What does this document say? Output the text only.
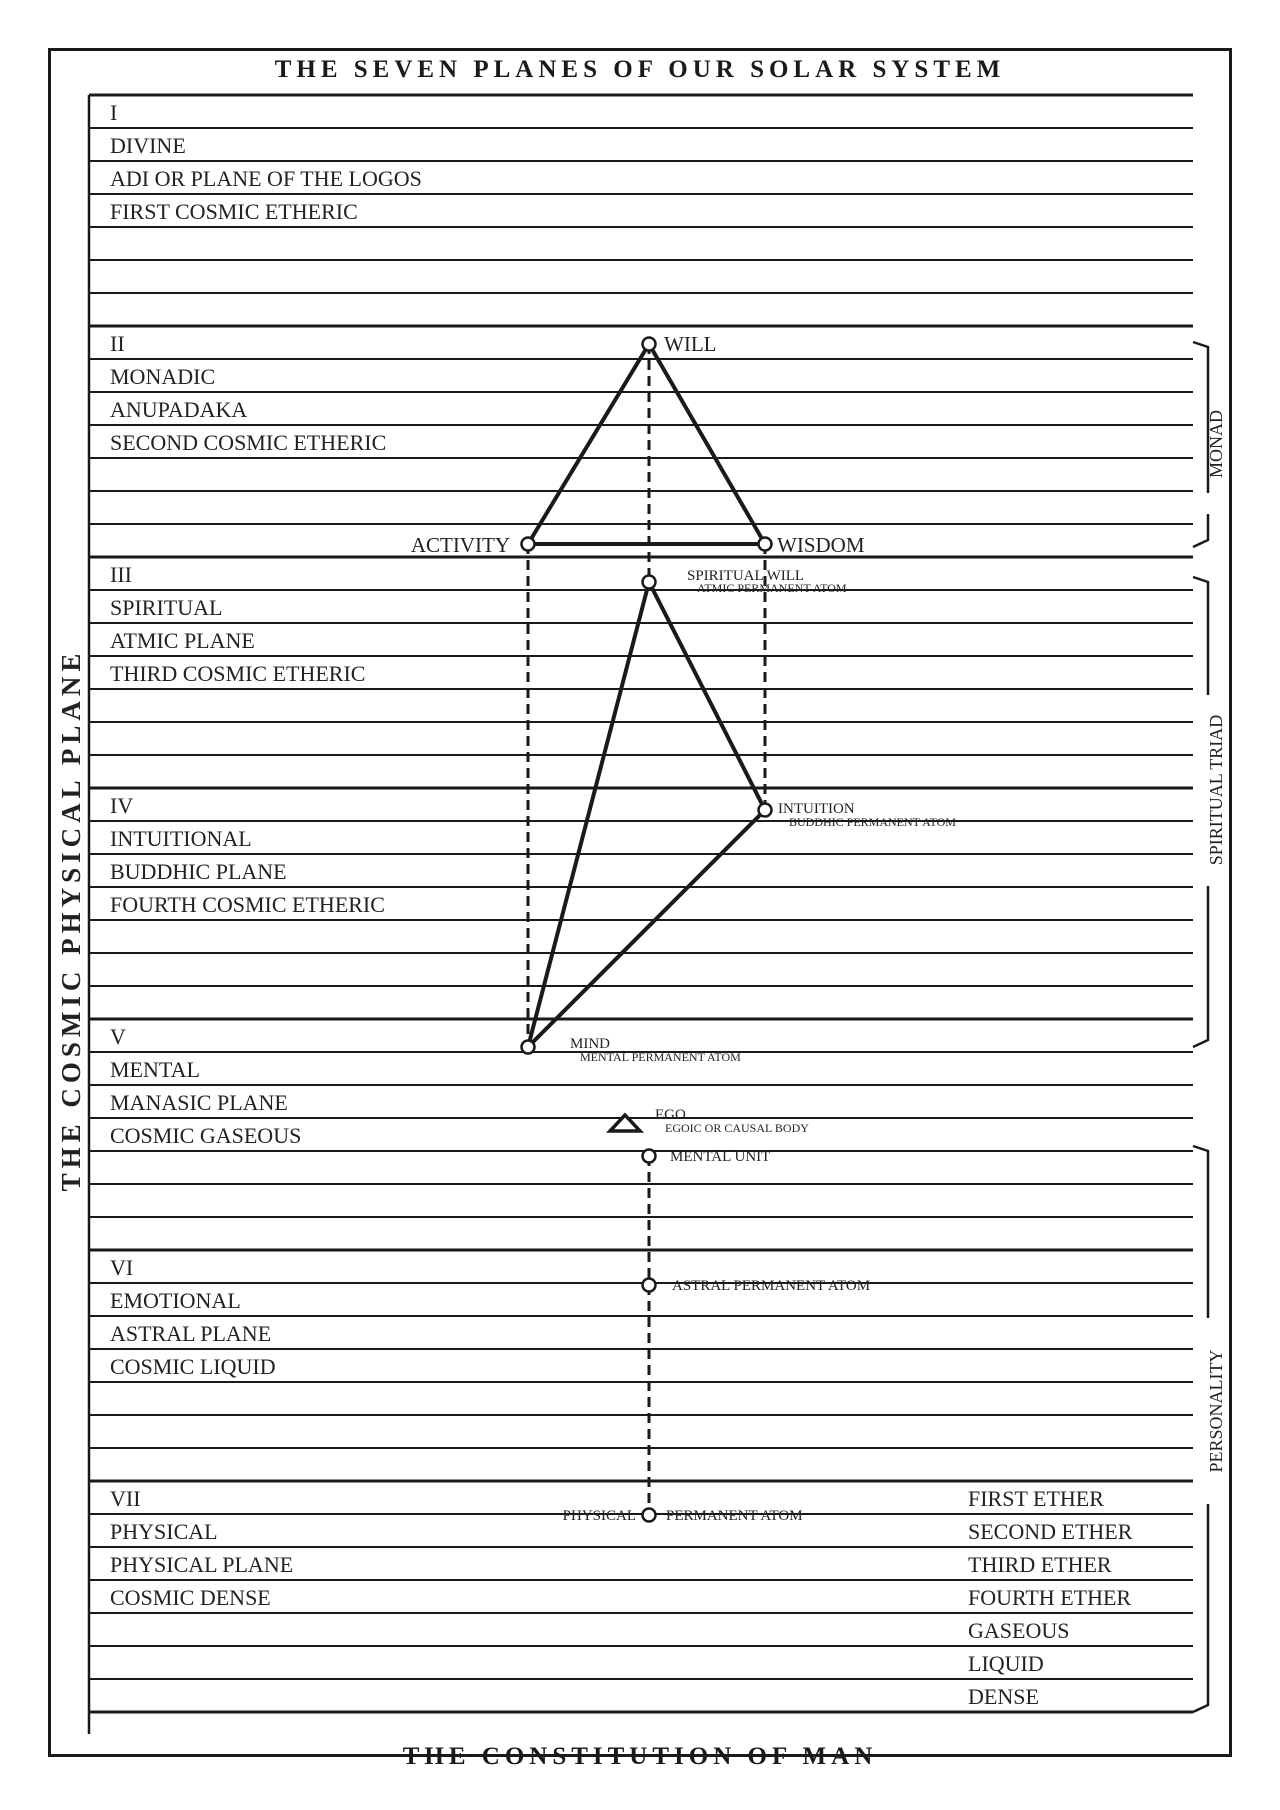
THE SEVEN PLANES OF OUR SOLAR SYSTEM
THE COSMIC PHYSICAL PLANE
I
DIVINE
ADI OR PLANE OF THE LOGOS
FIRST COSMIC ETHERIC
II
MONADIC
ANUPADAKA
SECOND COSMIC ETHERIC
III
SPIRITUAL
ATMIC PLANE
THIRD COSMIC ETHERIC
IV
INTUITIONAL
BUDDHIC PLANE
FOURTH COSMIC ETHERIC
V
MENTAL
MANASIC PLANE
COSMIC GASEOUS
VI
EMOTIONAL
ASTRAL PLANE
COSMIC LIQUID
VII
PHYSICAL
PHYSICAL PLANE
COSMIC DENSE
FIRST ETHER
SECOND ETHER
THIRD ETHER
FOURTH ETHER
GASEOUS
LIQUID
DENSE
WILL
ACTIVITY	WISDOM
SPIRITUAL WILL
ATMIC PERMANENT ATOM
INTUITION
BUDDHIC PERMANENT ATOM
MIND
MENTAL PERMANENT ATOM
EGO
EGOIC OR CAUSAL BODY
MENTAL UNIT
ASTRAL PERMANENT ATOM
PHYSICAL PERMANENT ATOM
MONAD
SPIRITUAL TRIAD
PERSONALITY
THE CONSTITUTION OF MAN
